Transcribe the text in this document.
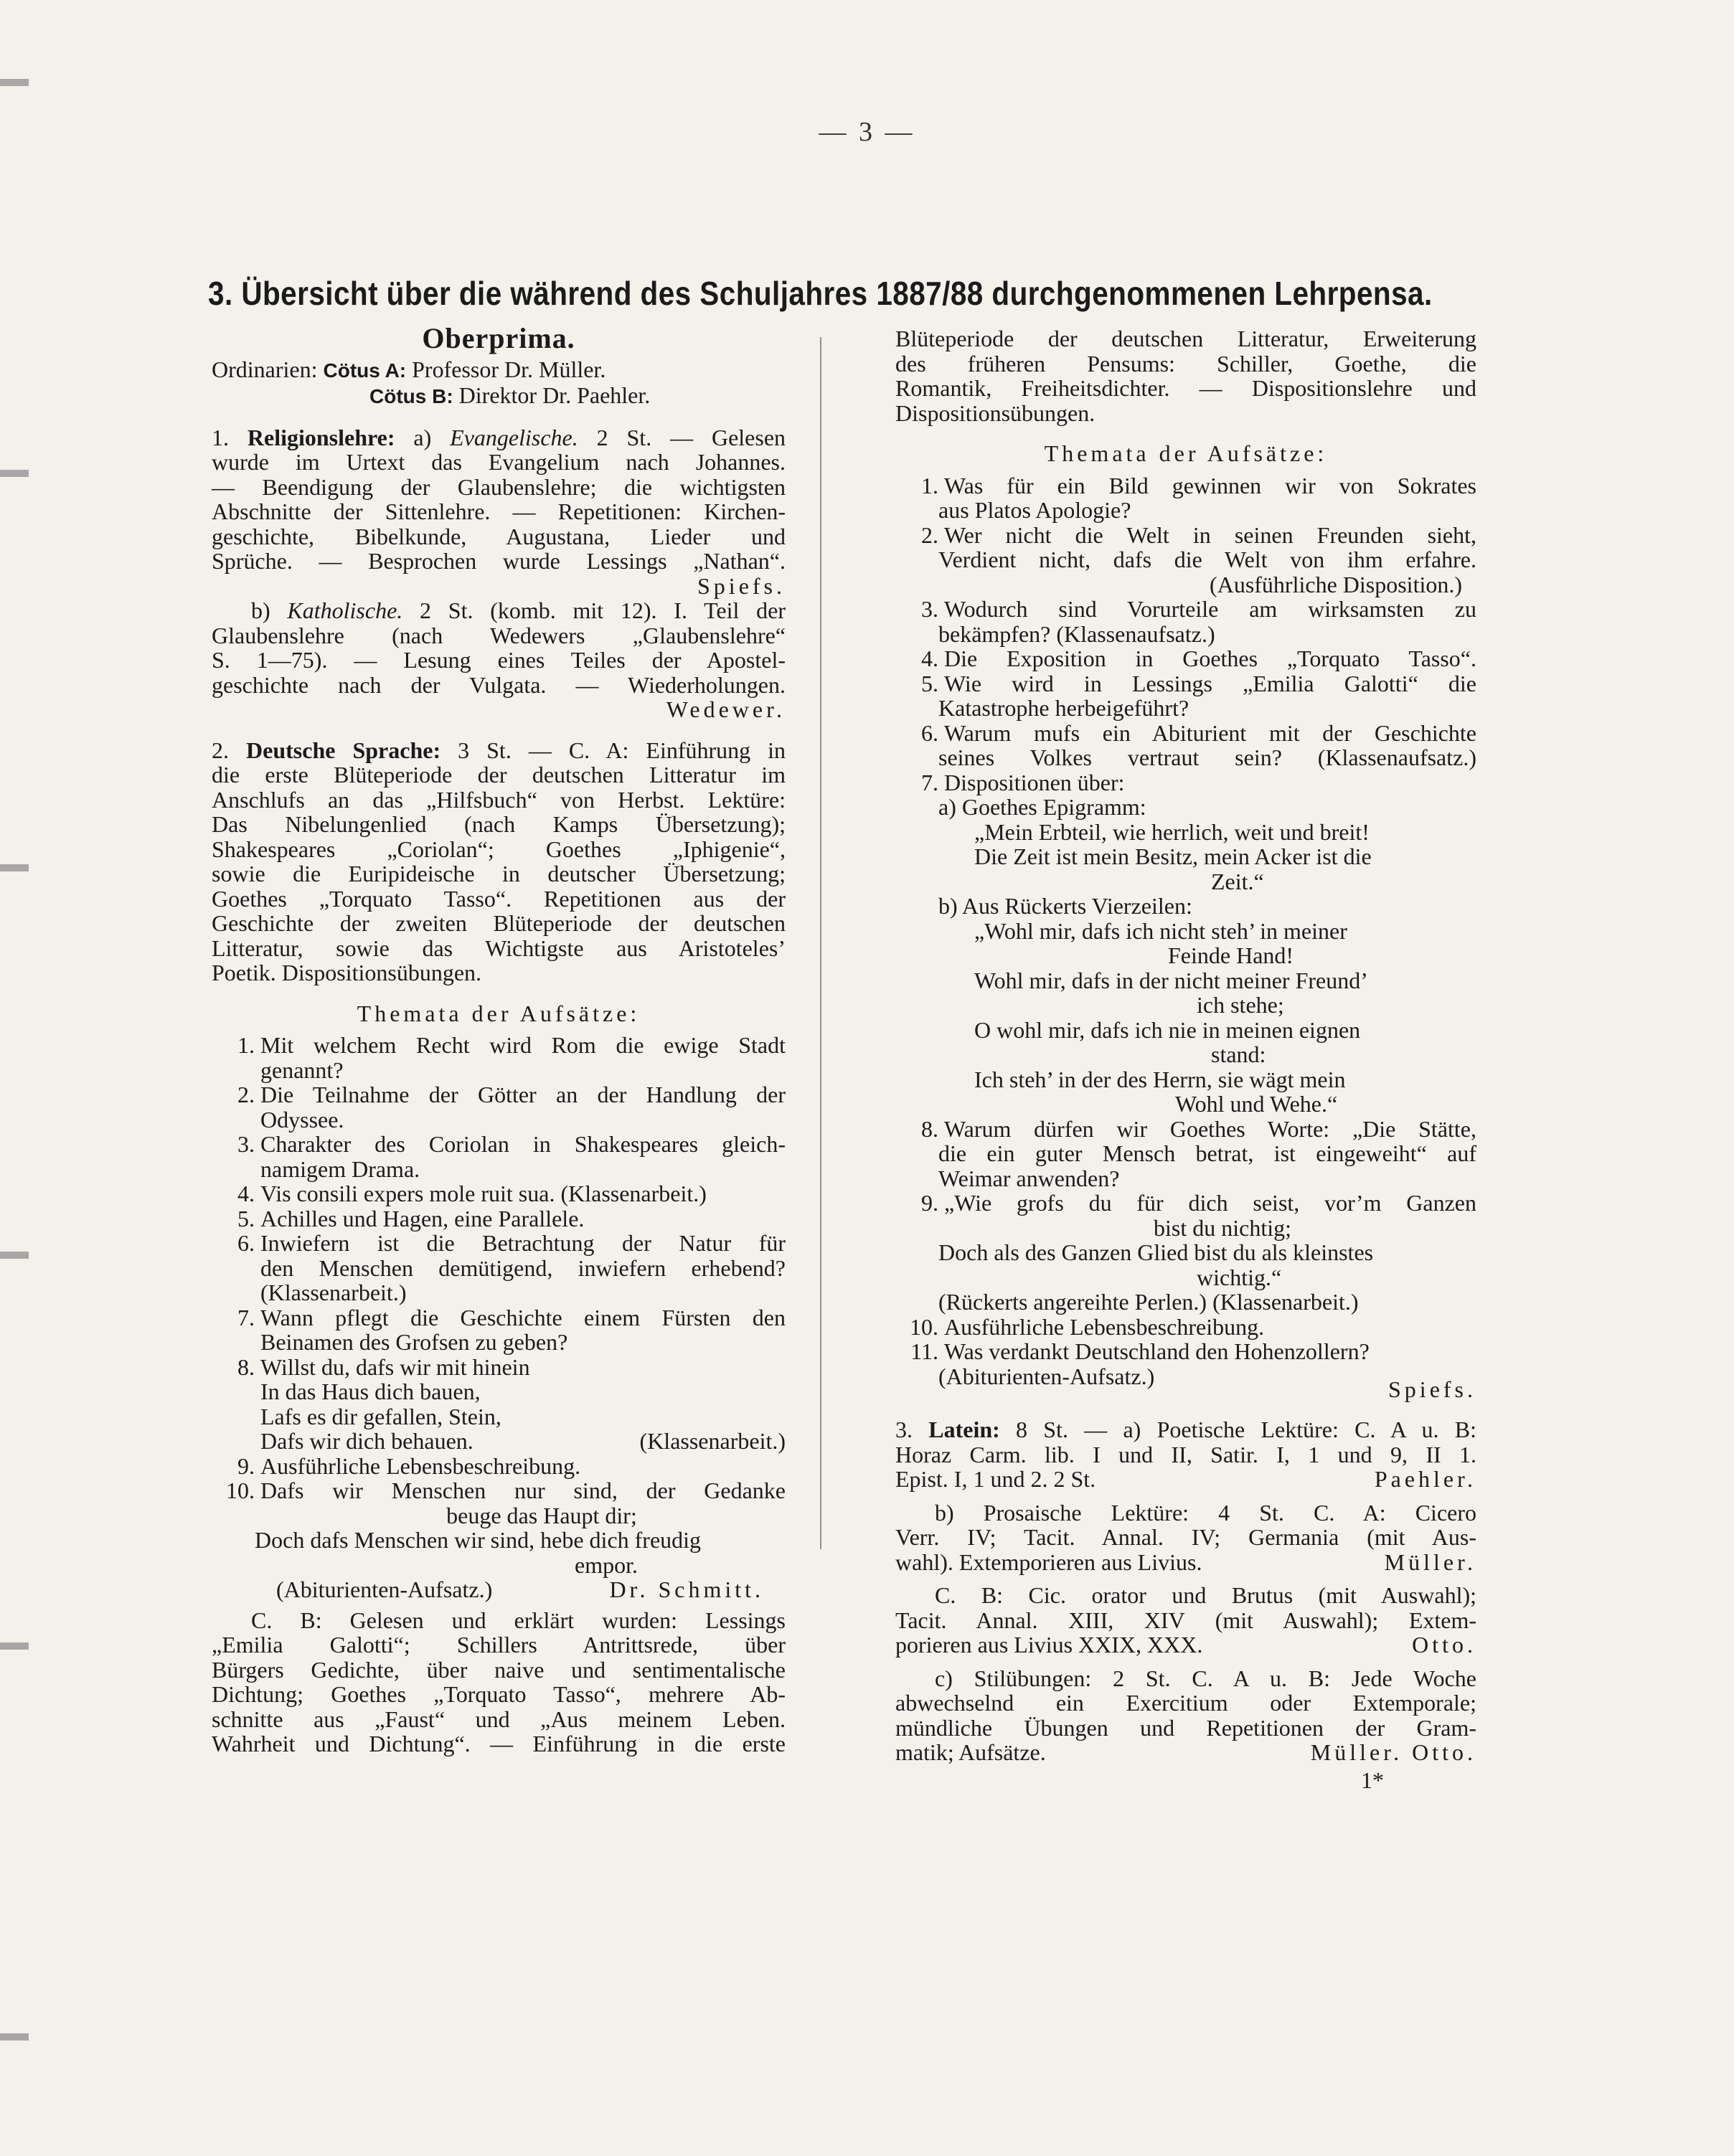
— 3 —
3. Übersicht über die während des Schuljahres 1887/88 durchgenommenen Lehrpensa.
Oberprima.
Ordinarien: Cötus A: Professor Dr. Müller.
Cötus B: Direktor Dr. Paehler.
1. Religionslehre: a) Evangelische. 2 St. — Gelesen
wurde im Urtext das Evangelium nach Johannes.
— Beendigung der Glaubenslehre; die wichtigsten
Abschnitte der Sittenlehre. — Repetitionen: Kirchen-
geschichte, Bibelkunde, Augustana, Lieder und
Sprüche. — Besprochen wurde Lessings „Nathan“.
Spiefs.
b) Katholische. 2 St. (komb. mit 12). I. Teil der
Glaubenslehre (nach Wedewers „Glaubenslehre“
S. 1—75). — Lesung eines Teiles der Apostel-
geschichte nach der Vulgata. — Wiederholungen.
Wedewer.
2. Deutsche Sprache: 3 St. — C. A: Einführung in
die erste Blüteperiode der deutschen Litteratur im
Anschlufs an das „Hilfsbuch“ von Herbst. Lektüre:
Das Nibelungenlied (nach Kamps Übersetzung);
Shakespeares „Coriolan“; Goethes „Iphigenie“,
sowie die Euripideische in deutscher Übersetzung;
Goethes „Torquato Tasso“. Repetitionen aus der
Geschichte der zweiten Blüteperiode der deutschen
Litteratur, sowie das Wichtigste aus Aristoteles’
Poetik. Dispositionsübungen.
Themata der Aufsätze:
1. Mit welchem Recht wird Rom die ewige Stadt
genannt?
2. Die Teilnahme der Götter an der Handlung der
Odyssee.
3. Charakter des Coriolan in Shakespeares gleich-
namigem Drama.
4. Vis consili expers mole ruit sua. (Klassenarbeit.)
5. Achilles und Hagen, eine Parallele.
6. Inwiefern ist die Betrachtung der Natur für
den Menschen demütigend, inwiefern erhebend?
(Klassenarbeit.)
7. Wann pflegt die Geschichte einem Fürsten den
Beinamen des Grofsen zu geben?
8. Willst du, dafs wir mit hinein
In das Haus dich bauen,
Lafs es dir gefallen, Stein,
Dafs wir dich behauen.	(Klassenarbeit.)
9. Ausführliche Lebensbeschreibung.
10. Dafs wir Menschen nur sind, der Gedanke
beuge das Haupt dir;
Doch dafs Menschen wir sind, hebe dich freudig
empor.
(Abiturienten-Aufsatz.)	Dr. Schmitt.
C. B: Gelesen und erklärt wurden: Lessings
„Emilia Galotti“; Schillers Antrittsrede, über
Bürgers Gedichte, über naive und sentimentalische
Dichtung; Goethes „Torquato Tasso“, mehrere Ab-
schnitte aus „Faust“ und „Aus meinem Leben.
Wahrheit und Dichtung“. — Einführung in die erste
Blüteperiode der deutschen Litteratur, Erweiterung
des früheren Pensums: Schiller, Goethe, die
Romantik, Freiheitsdichter. — Dispositionslehre und
Dispositionsübungen.
Themata der Aufsätze:
1. Was für ein Bild gewinnen wir von Sokrates
aus Platos Apologie?
2. Wer nicht die Welt in seinen Freunden sieht,
Verdient nicht, dafs die Welt von ihm erfahre.
(Ausführliche Disposition.)
3. Wodurch sind Vorurteile am wirksamsten zu
bekämpfen? (Klassenaufsatz.)
4. Die Exposition in Goethes „Torquato Tasso“.
5. Wie wird in Lessings „Emilia Galotti“ die
Katastrophe herbeigeführt?
6. Warum mufs ein Abiturient mit der Geschichte
seines Volkes vertraut sein? (Klassenaufsatz.)
7. Dispositionen über:
a) Goethes Epigramm:
„Mein Erbteil, wie herrlich, weit und breit!
Die Zeit ist mein Besitz, mein Acker ist die
Zeit.“
b) Aus Rückerts Vierzeilen:
„Wohl mir, dafs ich nicht steh’ in meiner
Feinde Hand!
Wohl mir, dafs in der nicht meiner Freund’
ich stehe;
O wohl mir, dafs ich nie in meinen eignen
stand:
Ich steh’ in der des Herrn, sie wägt mein
Wohl und Wehe.“
8. Warum dürfen wir Goethes Worte: „Die Stätte,
die ein guter Mensch betrat, ist eingeweiht“ auf
Weimar anwenden?
9. „Wie grofs du für dich seist, vor’m Ganzen
bist du nichtig;
Doch als des Ganzen Glied bist du als kleinstes
wichtig.“
(Rückerts angereihte Perlen.) (Klassenarbeit.)
10. Ausführliche Lebensbeschreibung.
11. Was verdankt Deutschland den Hohenzollern?
(Abiturienten-Aufsatz.)	Spiefs.
3. Latein: 8 St. — a) Poetische Lektüre: C. A u. B:
Horaz Carm. lib. I und II, Satir. I, 1 und 9, II 1.
Epist. I, 1 und 2. 2 St.	Paehler.
b) Prosaische Lektüre: 4 St. C. A: Cicero
Verr. IV; Tacit. Annal. IV; Germania (mit Aus-
wahl). Extemporieren aus Livius.	Müller.
C. B: Cic. orator und Brutus (mit Auswahl);
Tacit. Annal. XIII, XIV (mit Auswahl); Extem-
porieren aus Livius XXIX, XXX.	Otto.
c) Stilübungen: 2 St. C. A u. B: Jede Woche
abwechselnd ein Exercitium oder Extemporale;
mündliche Übungen und Repetitionen der Gram-
matik; Aufsätze.	Müller. Otto.
1*
